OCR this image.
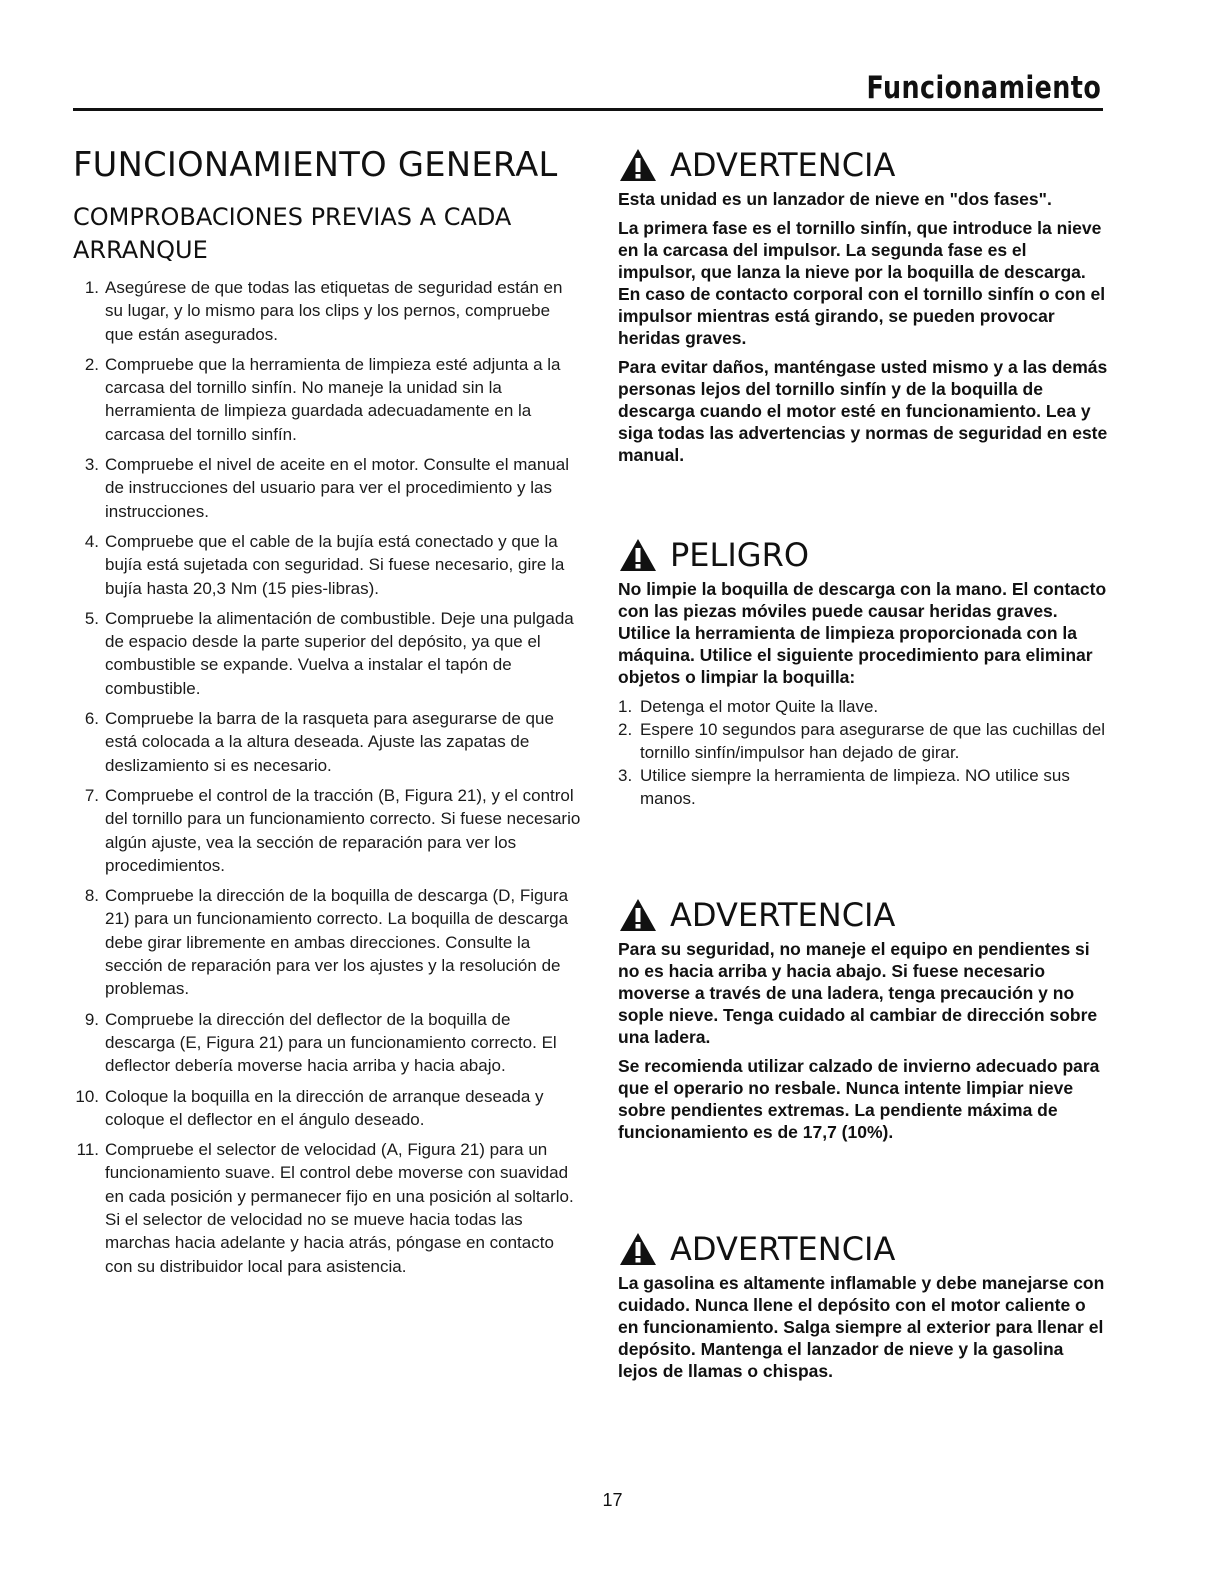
Funcionamiento
FUNCIONAMIENTO GENERAL
COMPROBACIONES PREVIAS A CADA ARRANQUE
1. Asegúrese de que todas las etiquetas de seguridad están en su lugar, y lo mismo para los clips y los pernos, compruebe que están asegurados.
2. Compruebe que la herramienta de limpieza esté adjunta a la carcasa del tornillo sinfín. No maneje la unidad sin la herramienta de limpieza guardada adecuadamente en la carcasa del tornillo sinfín.
3. Compruebe el nivel de aceite en el motor. Consulte el manual de instrucciones del usuario para ver el procedimiento y las instrucciones.
4. Compruebe que el cable de la bujía está conectado y que la bujía está sujetada con seguridad. Si fuese necesario, gire la bujía hasta 20,3 Nm (15 pies-libras).
5. Compruebe la alimentación de combustible. Deje una pulgada de espacio desde la parte superior del depósito, ya que el combustible se expande. Vuelva a instalar el tapón de combustible.
6. Compruebe la barra de la rasqueta para asegurarse de que está colocada a la altura deseada. Ajuste las zapatas de deslizamiento si es necesario.
7. Compruebe el control de la tracción (B, Figura 21), y el control del tornillo para un funcionamiento correcto. Si fuese necesario algún ajuste, vea la sección de reparación para ver los procedimientos.
8. Compruebe la dirección de la boquilla de descarga (D, Figura 21) para un funcionamiento correcto. La boquilla de descarga debe girar libremente en ambas direcciones. Consulte la sección de reparación para ver los ajustes y la resolución de problemas.
9. Compruebe la dirección del deflector de la boquilla de descarga (E, Figura 21) para un funcionamiento correcto. El deflector debería moverse hacia arriba y hacia abajo.
10. Coloque la boquilla en la dirección de arranque deseada y coloque el deflector en el ángulo deseado.
11. Compruebe el selector de velocidad (A, Figura 21) para un funcionamiento suave. El control debe moverse con suavidad en cada posición y permanecer fijo en una posición al soltarlo. Si el selector de velocidad no se mueve hacia todas las marchas hacia adelante y hacia atrás, póngase en contacto con su distribuidor local para asistencia.
ADVERTENCIA

Esta unidad es un lanzador de nieve en "dos fases".

La primera fase es el tornillo sinfín, que introduce la nieve en la carcasa del impulsor. La segunda fase es el impulsor, que lanza la nieve por la boquilla de descarga. En caso de contacto corporal con el tornillo sinfín o con el impulsor mientras está girando, se pueden provocar heridas graves.

Para evitar daños, manténgase usted mismo y a las demás personas lejos del tornillo sinfín y de la boquilla de descarga cuando el motor esté en funcionamiento. Lea y siga todas las advertencias y normas de seguridad en este manual.

PELIGRO

No limpie la boquilla de descarga con la mano. El contacto con las piezas móviles puede causar heridas graves. Utilice la herramienta de limpieza proporcionada con la máquina. Utilice el siguiente procedimiento para eliminar objetos o limpiar la boquilla:

1. Detenga el motor Quite la llave.
2. Espere 10 segundos para asegurarse de que las cuchillas del tornillo sinfín/impulsor han dejado de girar.
3. Utilice siempre la herramienta de limpieza. NO utilice sus manos.
ADVERTENCIA

Para su seguridad, no maneje el equipo en pendientes si no es hacia arriba y hacia abajo. Si fuese necesario moverse a través de una ladera, tenga precaución y no sople nieve. Tenga cuidado al cambiar de dirección sobre una ladera.

Se recomienda utilizar calzado de invierno adecuado para que el operario no resbale. Nunca intente limpiar nieve sobre pendientes extremas. La pendiente máxima de funcionamiento es de 17,7 (10%).

ADVERTENCIA

La gasolina es altamente inflamable y debe manejarse con cuidado. Nunca llene el depósito con el motor caliente o en funcionamiento. Salga siempre al exterior para llenar el depósito. Mantenga el lanzador de nieve y la gasolina lejos de llamas o chispas.

17
